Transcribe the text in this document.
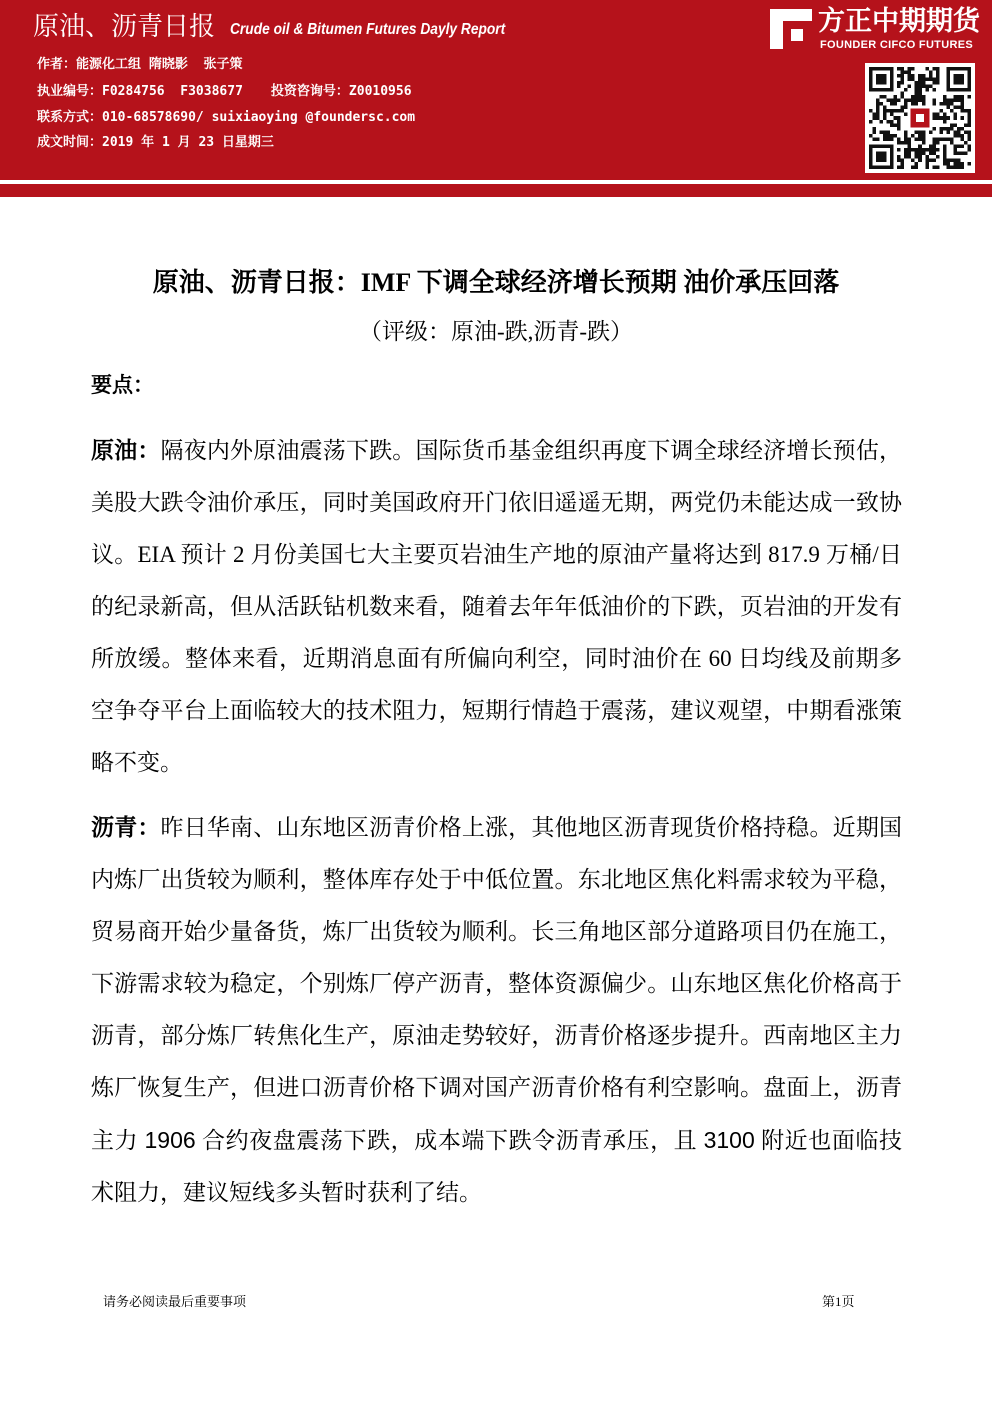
原油、沥青日报 Crude oil & Bitumen Futures Dayly Report	方正中期期货
FOUNDER CIFCO FUTURES
作者：能源化工组 隋晓影  张子策
执业编号：F0284756  F3038677 投资咨询号：Z0010956
联系方式：010-68578690/ suixiaoying @foundersc.com
成文时间：2019 年 1 月 23 日星期三
原油、沥青日报：IMF 下调全球经济增长预期 油价承压回落
（评级：原油-跌,沥青-跌）
要点：

原油：隔夜内外原油震荡下跌。国际货币基金组织再度下调全球经济增长预估，美股大跌令油价承压，同时美国政府开门依旧遥遥无期，两党仍未能达成一致协议。EIA 预计 2 月份美国七大主要页岩油生产地的原油产量将达到 817.9 万桶/日的纪录新高，但从活跃钻机数来看，随着去年年低油价的下跌，页岩油的开发有所放缓。整体来看，近期消息面有所偏向利空，同时油价在 60 日均线及前期多空争夺平台上面临较大的技术阻力，短期行情趋于震荡，建议观望，中期看涨策略不变。

沥青：昨日华南、山东地区沥青价格上涨，其他地区沥青现货价格持稳。近期国内炼厂出货较为顺利，整体库存处于中低位置。东北地区焦化料需求较为平稳，贸易商开始少量备货，炼厂出货较为顺利。长三角地区部分道路项目仍在施工，下游需求较为稳定，个别炼厂停产沥青，整体资源偏少。山东地区焦化价格高于沥青，部分炼厂转焦化生产，原油走势较好，沥青价格逐步提升。西南地区主力炼厂恢复生产，但进口沥青价格下调对国产沥青价格有利空影响。盘面上，沥青主力 1906 合约夜盘震荡下跌，成本端下跌令沥青承压，且 3100 附近也面临技术阻力，建议短线多头暂时获利了结。

请务必阅读最后重要事项	第1页
